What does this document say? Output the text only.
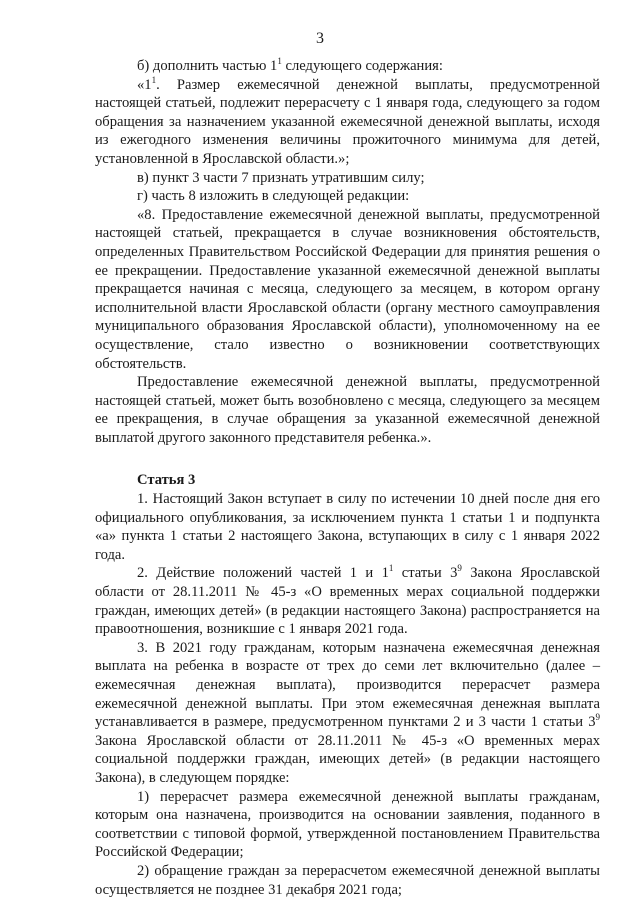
3

б) дополнить частью $1^1$ следующего содержания:

«$1^1$. Размер ежемесячной денежной выплаты, предусмотренной настоящей статьей, подлежит перерасчету с 1 января года, следующего за годом обращения за назначением указанной ежемесячной денежной выплаты, исходя из ежегодного изменения величины прожиточного минимума для детей, установленной в Ярославской области.»;

в) пункт 3 части 7 признать утратившим силу;

г) часть 8 изложить в следующей редакции:

«8. Предоставление ежемесячной денежной выплаты, предусмотренной настоящей статьей, прекращается в случае возникновения обстоятельств, определенных Правительством Российской Федерации для принятия решения о ее прекращении. Предоставление указанной ежемесячной денежной выплаты прекращается начиная с месяца, следующего за месяцем, в котором органу исполнительной власти Ярославской области (органу местного самоуправления муниципального образования Ярославской области), уполномоченному на ее осуществление, стало известно о возникновении соответствующих обстоятельств.

Предоставление ежемесячной денежной выплаты, предусмотренной настоящей статьей, может быть возобновлено с месяца, следующего за месяцем ее прекращения, в случае обращения за указанной ежемесячной денежной выплатой другого законного представителя ребенка.».

Статья 3

1. Настоящий Закон вступает в силу по истечении 10 дней после дня его официального опубликования, за исключением пункта 1 статьи 1 и подпункта «а» пункта 1 статьи 2 настоящего Закона, вступающих в силу с 1 января 2022 года.

2. Действие положений частей 1 и $1^1$ статьи $3^9$ Закона Ярославской области от 28.11.2011 № 45-з «О временных мерах социальной поддержки граждан, имеющих детей» (в редакции настоящего Закона) распространяется на правоотношения, возникшие с 1 января 2021 года.

3. В 2021 году гражданам, которым назначена ежемесячная денежная выплата на ребенка в возрасте от трех до семи лет включительно (далее – ежемесячная денежная выплата), производится перерасчет размера ежемесячной денежной выплаты. При этом ежемесячная денежная выплата устанавливается в размере, предусмотренном пунктами 2 и 3 части 1 статьи $3^9$ Закона Ярославской области от 28.11.2011 № 45-з «О временных мерах социальной поддержки граждан, имеющих детей» (в редакции настоящего Закона), в следующем порядке:

1) перерасчет размера ежемесячной денежной выплаты гражданам, которым она назначена, производится на основании заявления, поданного в соответствии с типовой формой, утвержденной постановлением Правительства Российской Федерации;

2) обращение граждан за перерасчетом ежемесячной денежной выплаты осуществляется не позднее 31 декабря 2021 года;
